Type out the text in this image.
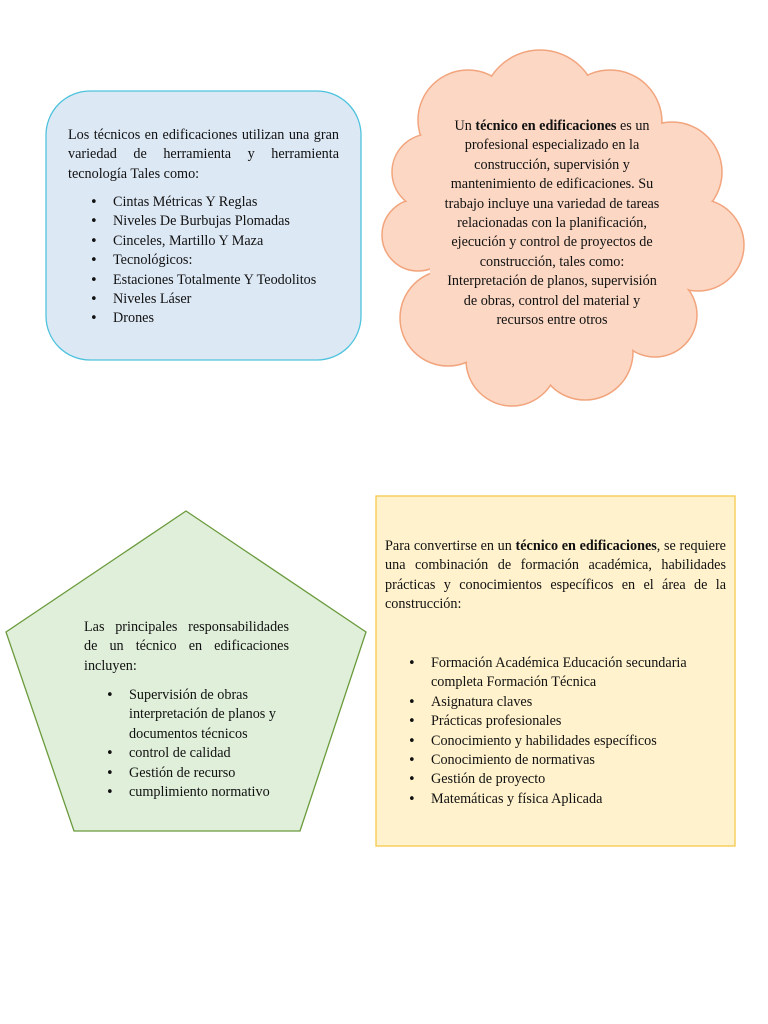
Los técnicos en edificaciones utilizan una gran variedad de herramienta y herramienta tecnología Tales como:
• Cintas Métricas Y Reglas
• Niveles De Burbujas Plomadas
• Cinceles, Martillo Y Maza
• Tecnológicos:
• Estaciones Totalmente Y Teodolitos
• Niveles Láser
• Drones
Un técnico en edificaciones es un profesional especializado en la construcción, supervisión y mantenimiento de edificaciones. Su trabajo incluye una variedad de tareas relacionadas con la planificación, ejecución y control de proyectos de construcción, tales como: Interpretación de planos, supervisión de obras, control del material y recursos entre otros
Las principales responsabilidades de un técnico en edificaciones incluyen:
• Supervisión de obras interpretación de planos y documentos técnicos
• control de calidad
• Gestión de recurso
• cumplimiento normativo
Para convertirse en un técnico en edificaciones, se requiere una combinación de formación académica, habilidades prácticas y conocimientos específicos en el área de la construcción:
• Formación Académica Educación secundaria completa Formación Técnica
• Asignatura claves
• Prácticas profesionales
• Conocimiento y habilidades específicos
• Conocimiento de normativas
• Gestión de proyecto
• Matemáticas y física Aplicada
